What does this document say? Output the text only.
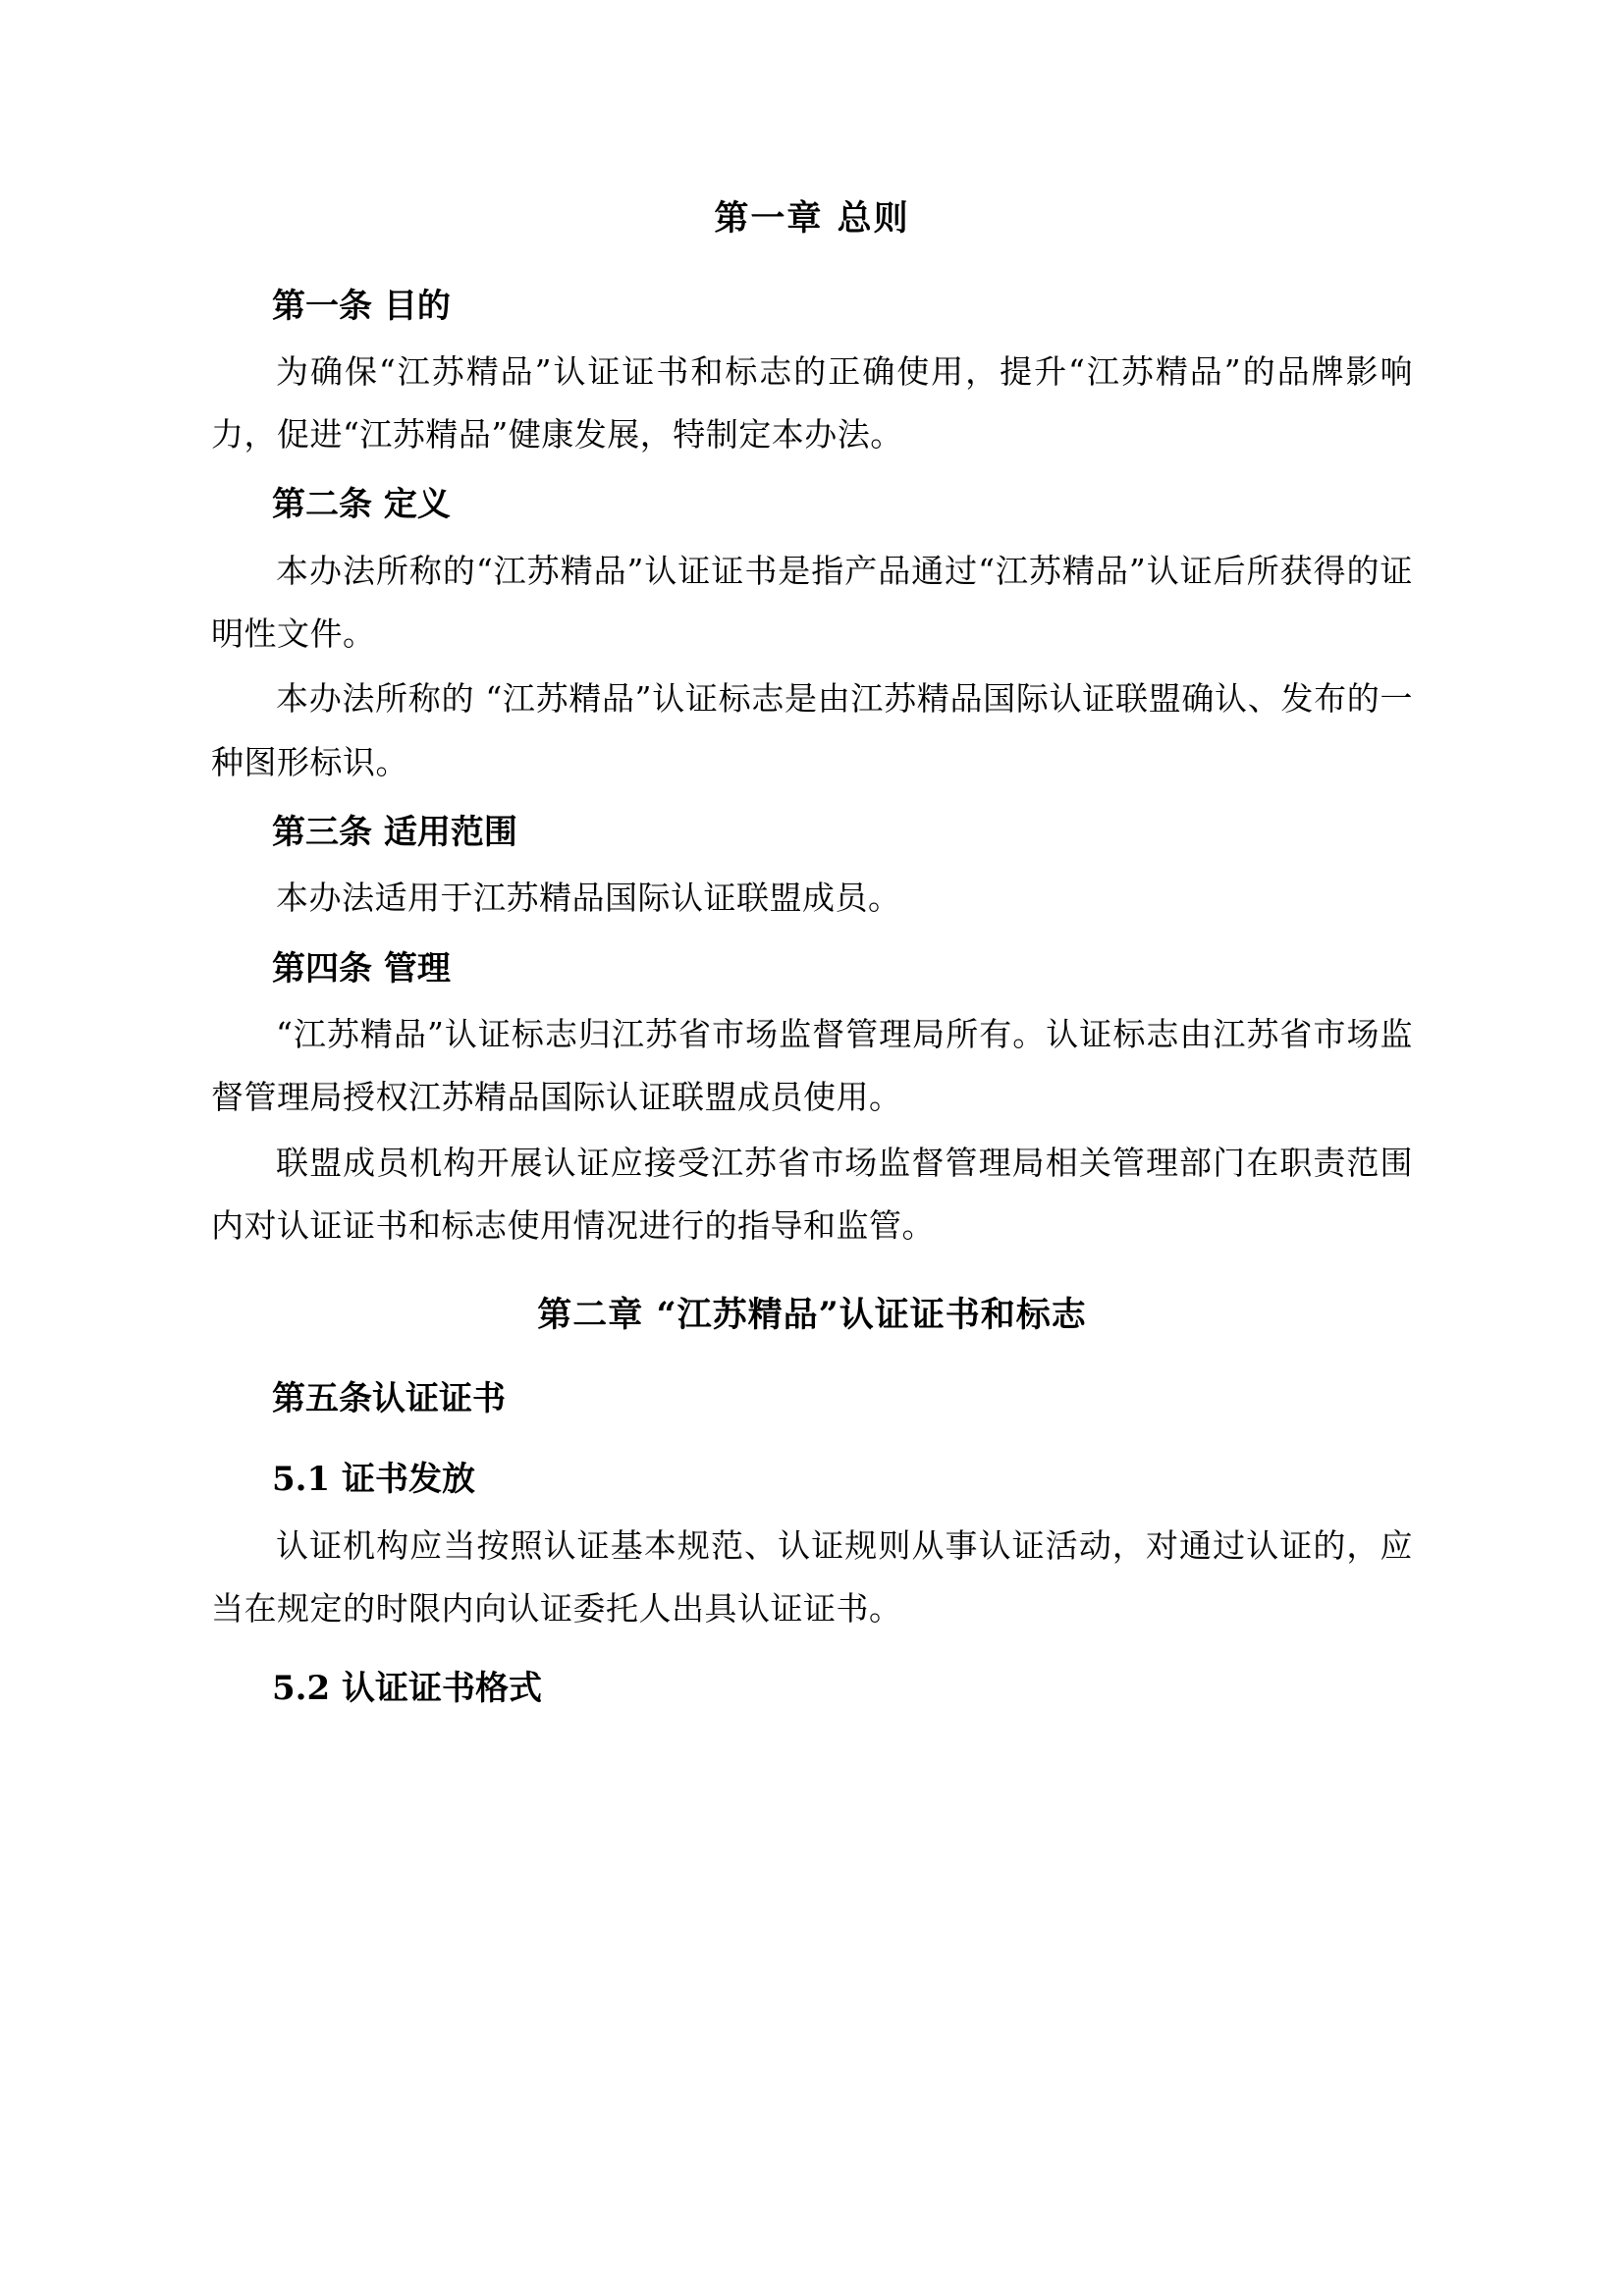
第一章 总则
第一条 目的

为确保“江苏精品”认证证书和标志的正确使用，提升“江苏精品”的品牌影响力，促进“江苏精品”健康发展，特制定本办法。

第二条 定义

本办法所称的“江苏精品”认证证书是指产品通过“江苏精品”认证后所获得的证明性文件。

本办法所称的 “江苏精品”认证标志是由江苏精品国际认证联盟确认、发布的一种图形标识。

第三条 适用范围

本办法适用于江苏精品国际认证联盟成员。

第四条 管理

“江苏精品”认证标志归江苏省市场监督管理局所有。认证标志由江苏省市场监督管理局授权江苏精品国际认证联盟成员使用。

联盟成员机构开展认证应接受江苏省市场监督管理局相关管理部门在职责范围内对认证证书和标志使用情况进行的指导和监管。

第二章 “江苏精品”认证证书和标志
第五条认证证书
5.1 证书发放

认证机构应当按照认证基本规范、认证规则从事认证活动，对通过认证的，应当在规定的时限内向认证委托人出具认证证书。

5.2 认证证书格式
